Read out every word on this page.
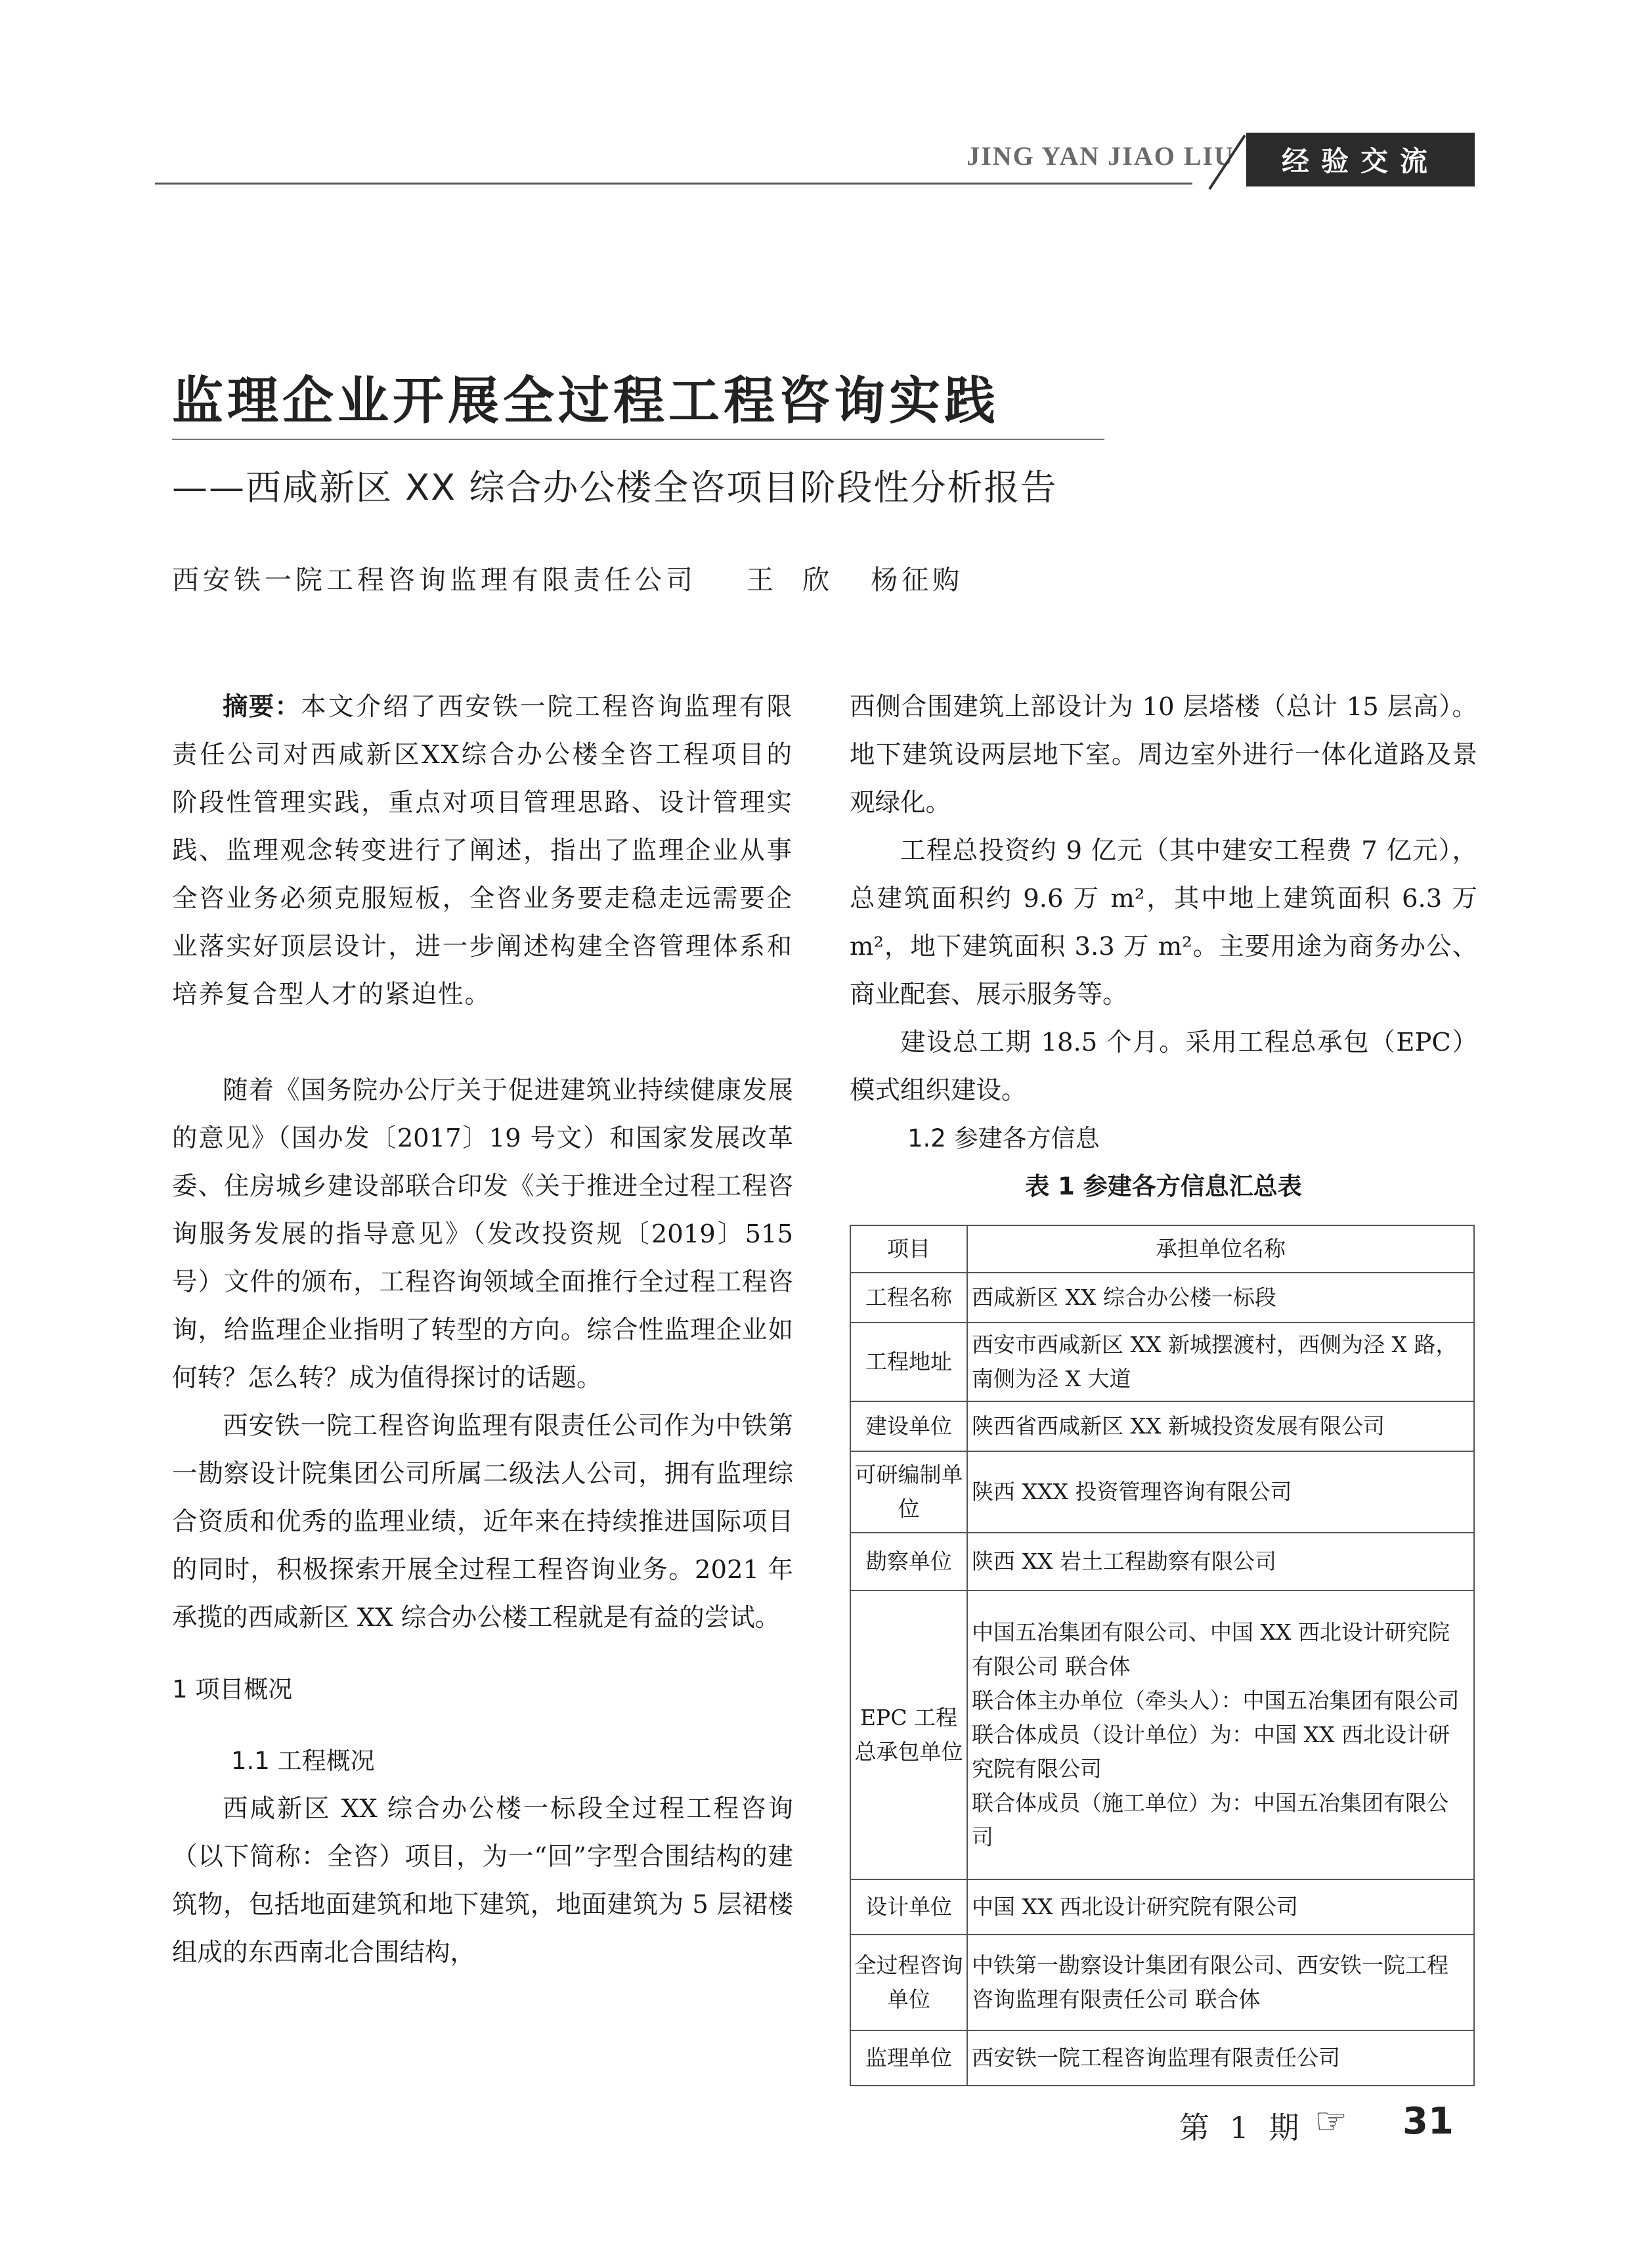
JING YAN JIAO LIU	经验交流
监理企业开展全过程工程咨询实践
——西咸新区 XX 综合办公楼全咨项目阶段性分析报告
西安铁一院工程咨询监理有限责任公司    王  欣   杨征购

摘要：本文介绍了西安铁一院工程咨询监理有限责任公司对西咸新区XX综合办公楼全咨工程项目的阶段性管理实践，重点对项目管理思路、设计管理实践、监理观念转变进行了阐述，指出了监理企业从事全咨业务必须克服短板，全咨业务要走稳走远需要企业落实好顶层设计，进一步阐述构建全咨管理体系和培养复合型人才的紧迫性。

随着《国务院办公厅关于促进建筑业持续健康发展的意见》（国办发〔2017〕19 号文）和国家发展改革委、住房城乡建设部联合印发《关于推进全过程工程咨询服务发展的指导意见》（发改投资规〔2019〕515 号）文件的颁布，工程咨询领域全面推行全过程工程咨询，给监理企业指明了转型的方向。综合性监理企业如何转？怎么转？成为值得探讨的话题。

西安铁一院工程咨询监理有限责任公司作为中铁第一勘察设计院集团公司所属二级法人公司，拥有监理综合资质和优秀的监理业绩，近年来在持续推进国际项目的同时，积极探索开展全过程工程咨询业务。2021 年承揽的西咸新区 XX 综合办公楼工程就是有益的尝试。

1 项目概况

1.1 工程概况

西咸新区 XX 综合办公楼一标段全过程工程咨询（以下简称：全咨）项目，为一“回”字型合围结构的建筑物，包括地面建筑和地下建筑，地面建筑为 5 层裙楼组成的东西南北合围结构，

西侧合围建筑上部设计为 10 层塔楼（总计 15 层高）。地下建筑设两层地下室。周边室外进行一体化道路及景观绿化。

工程总投资约 9 亿元（其中建安工程费 7 亿元），总建筑面积约 9.6 万 m²，其中地上建筑面积 6.3 万 m²，地下建筑面积 3.3 万 m²。主要用途为商务办公、商业配套、展示服务等。

建设总工期 18.5 个月。采用工程总承包（EPC）模式组织建设。

1.2 参建各方信息

表 1 参建各方信息汇总表

项目	承担单位名称
工程名称	西咸新区 XX 综合办公楼一标段
工程地址	西安市西咸新区 XX 新城摆渡村，西侧为泾 X 路，南侧为泾 X 大道
建设单位	陕西省西咸新区 XX 新城投资发展有限公司
可研编制单位	陕西 XXX 投资管理咨询有限公司
勘察单位	陕西 XX 岩土工程勘察有限公司
EPC 工程总承包单位	中国五冶集团有限公司、中国 XX 西北设计研究院有限公司 联合体
联合体主办单位（牵头人）：中国五冶集团有限公司
联合体成员（设计单位）为：中国 XX 西北设计研究院有限公司
联合体成员（施工单位）为：中国五冶集团有限公司

设计单位	中国 XX 西北设计研究院有限公司
全过程咨询单位	中铁第一勘察设计集团有限公司、西安铁一院工程咨询监理有限责任公司 联合体
监理单位	西安铁一院工程咨询监理有限责任公司
第 1 期 ☞ 31
